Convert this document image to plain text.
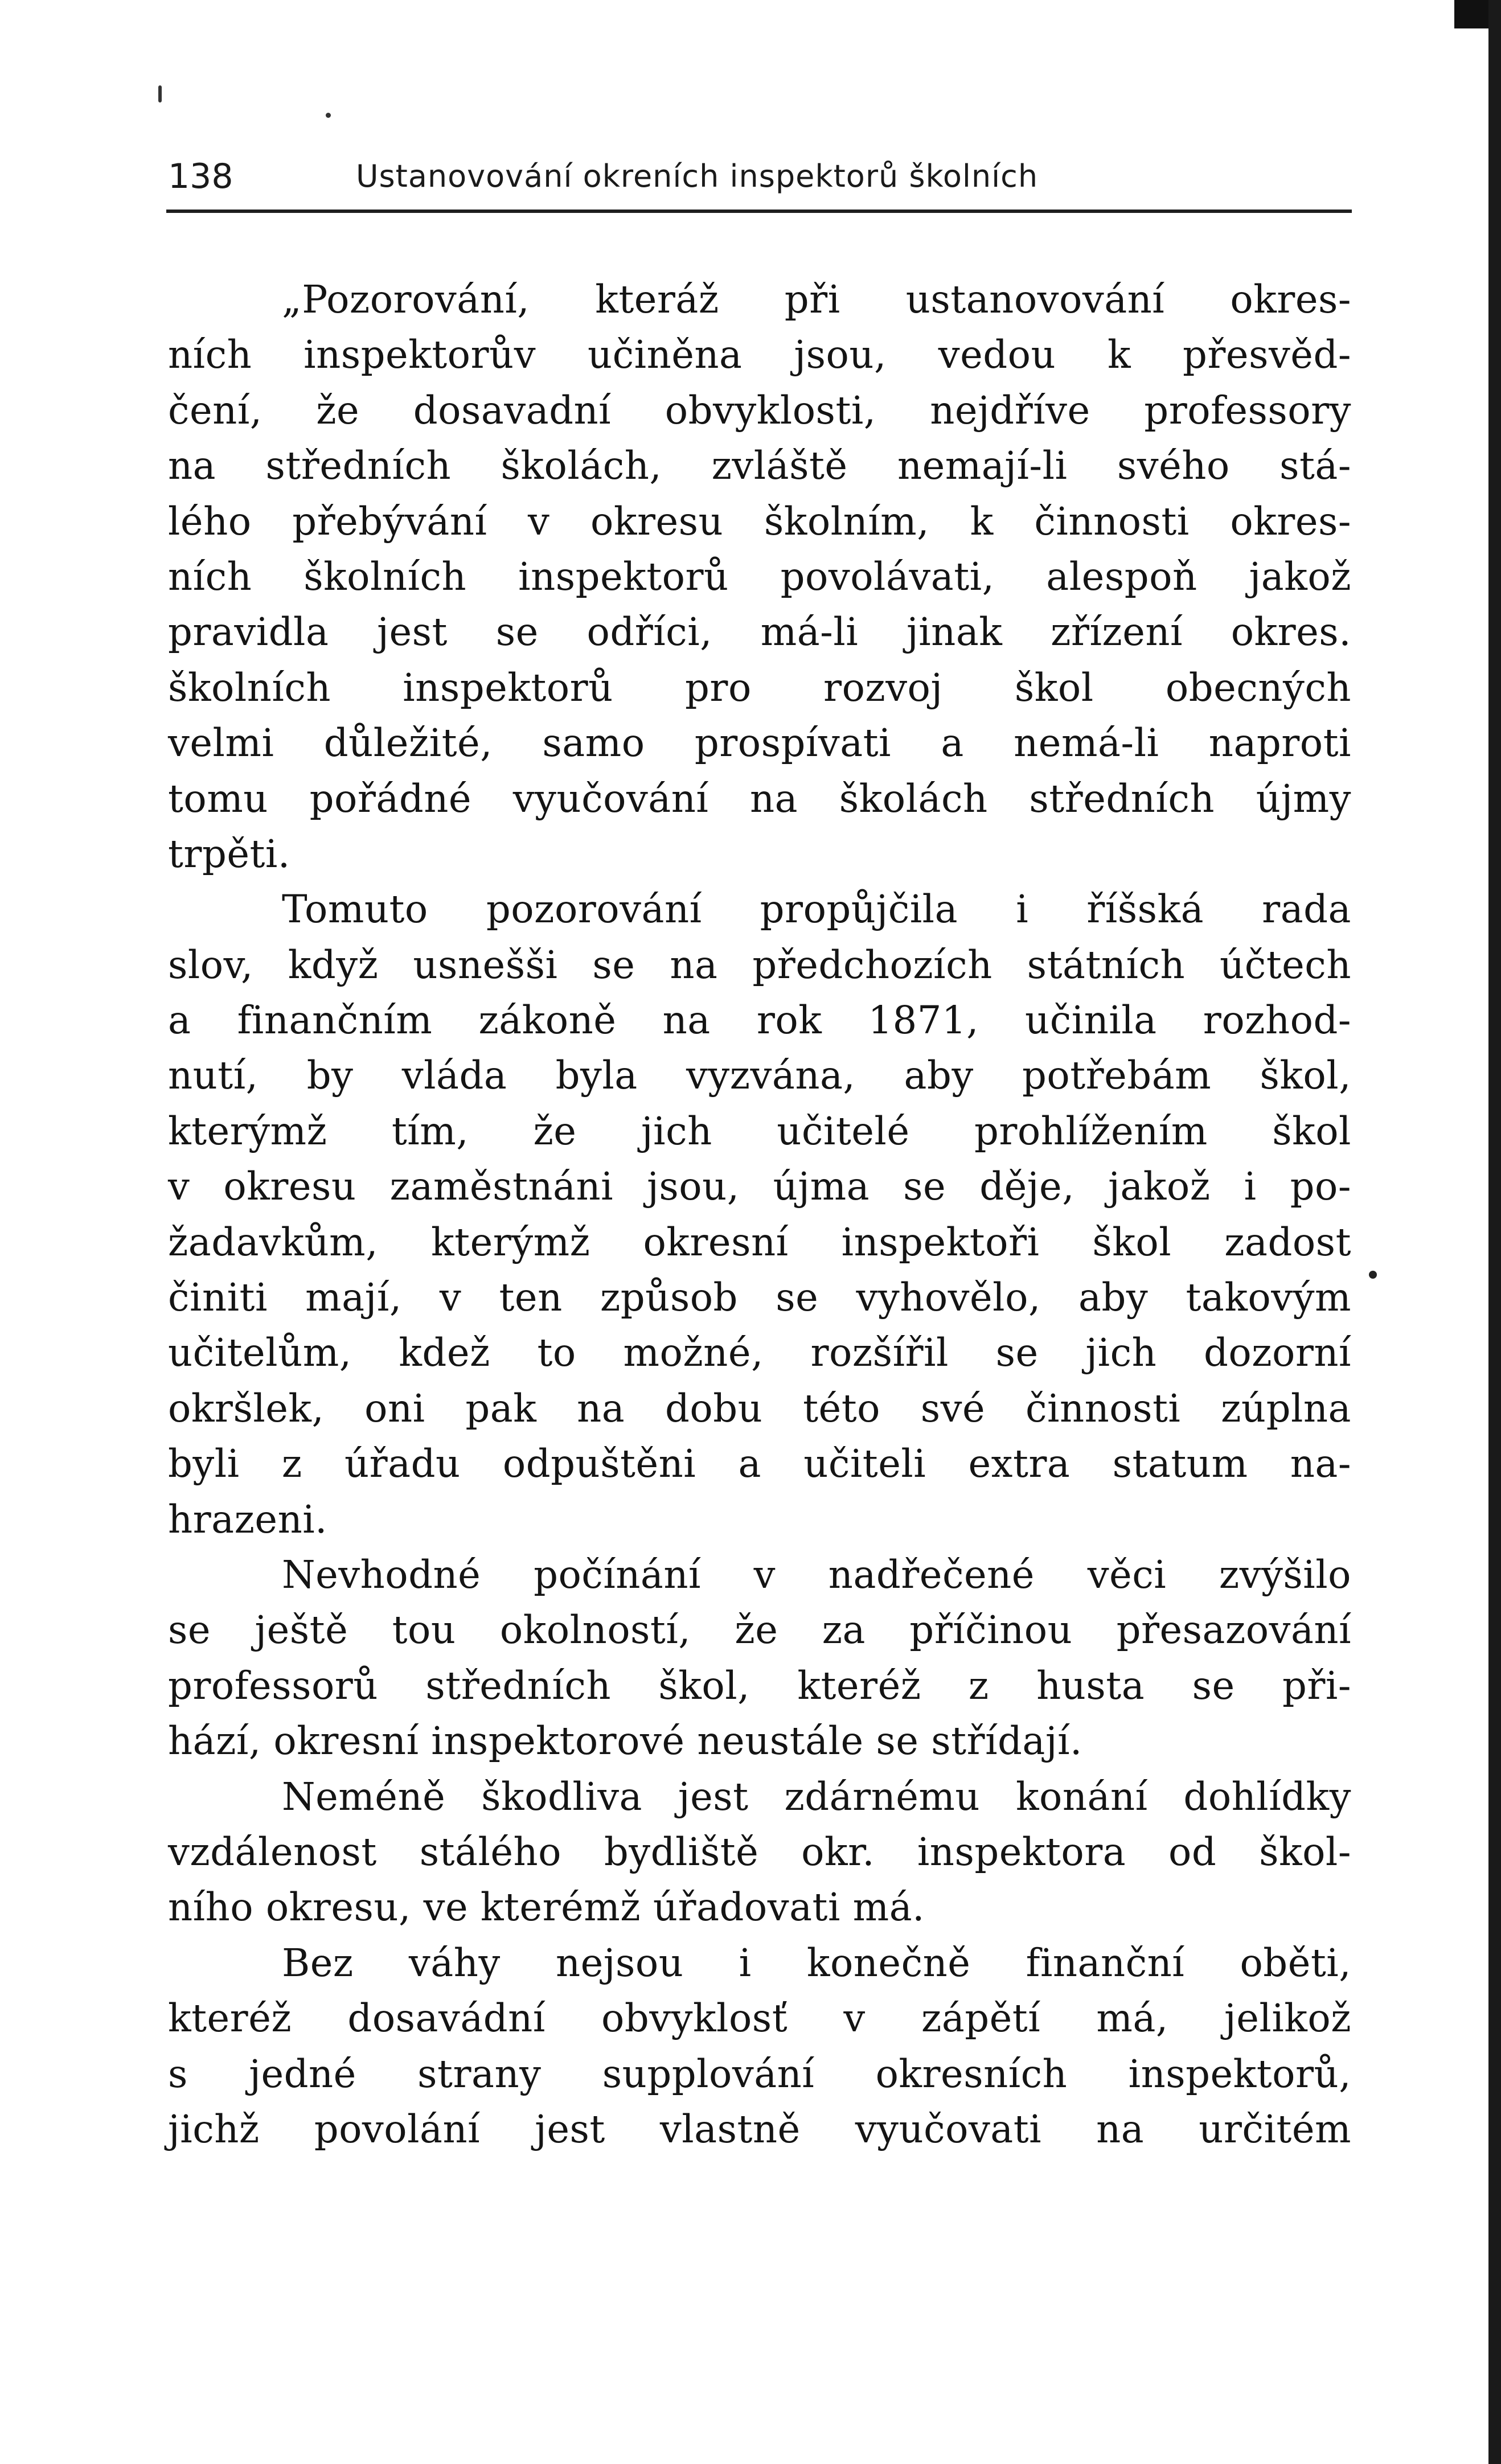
138	Ustanovování okreních inspektorů školních
„Pozorování, kteráž při ustanovování okres-
ních inspektorův učiněna jsou, vedou k přesvěd-
čení, že dosavadní obvyklosti, nejdříve professory
na středních školách, zvláště nemají-li svého stá-
lého přebývání v okresu školním, k činnosti okres-
ních školních inspektorů povolávati, alespoň jakož
pravidla jest se odříci, má-li jinak zřízení okres.
školních inspektorů pro rozvoj škol obecných
velmi důležité, samo prospívati a nemá-li naproti
tomu pořádné vyučování na školách středních újmy
trpěti.
Tomuto pozorování propůjčila i říšská rada
slov, když usnešši se na předchozích státních účtech
a finančním zákoně na rok 1871, učinila rozhod-
nutí, by vláda byla vyzvána, aby potřebám škol,
kterýmž tím, že jich učitelé prohlížením škol
v okresu zaměstnáni jsou, újma se děje, jakož i po-
žadavkům, kterýmž okresní inspektoři škol zadost
činiti mají, v ten způsob se vyhovělo, aby takovým
učitelům, kdež to možné, rozšířil se jich dozorní
okršlek, oni pak na dobu této své činnosti zúplna
byli z úřadu odpuštěni a učiteli extra statum na-
hrazeni.
Nevhodné počínání v nadřečené věci zvýšilo
se ještě tou okolností, že za příčinou přesazování
professorů středních škol, kteréž z husta se při-
hází, okresní inspektorové neustále se střídají.
Neméně škodliva jest zdárnému konání dohlídky
vzdálenost stálého bydliště okr. inspektora od škol-
ního okresu, ve kterémž úřadovati má.
Bez váhy nejsou i konečně finanční oběti,
kteréž dosavádní obvyklosť v zápětí má, jelikož
s jedné strany supplování okresních inspektorů,
jichž povolání jest vlastně vyučovati na určitém
